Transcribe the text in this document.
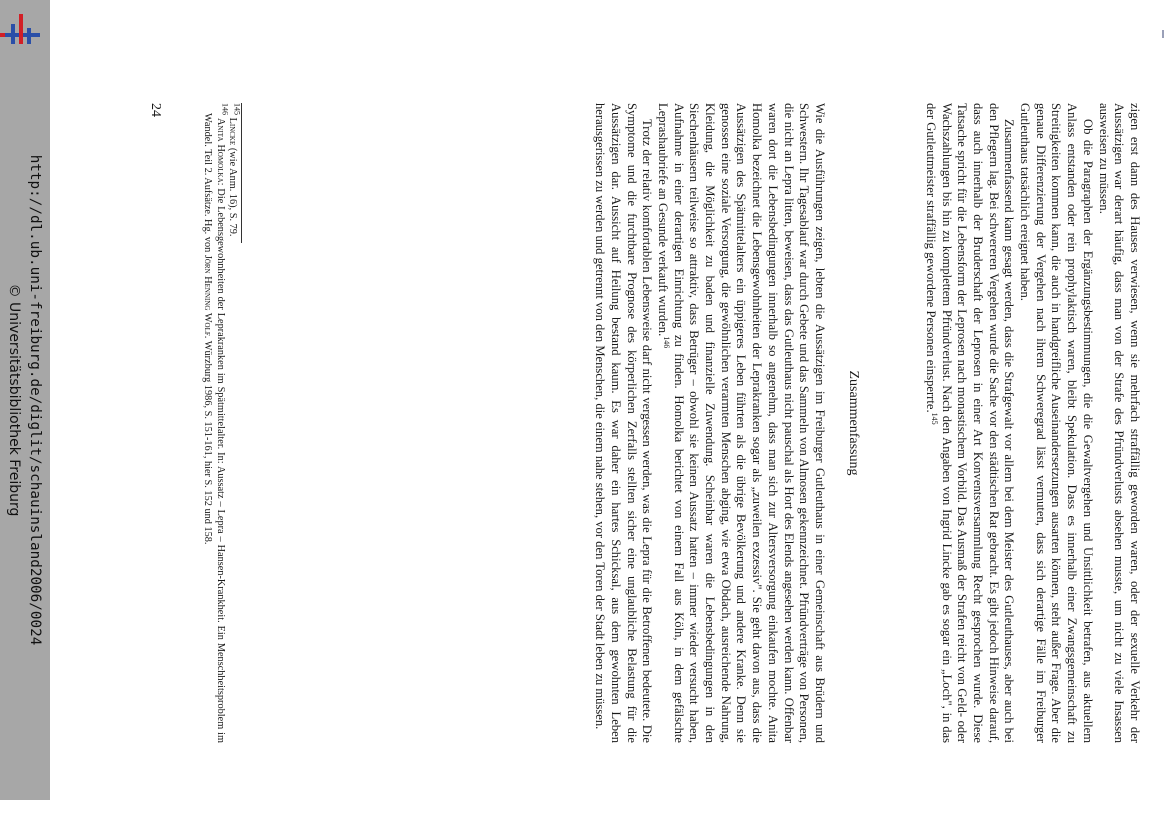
http://dl.ub.uni-freiburg.de/diglit/schauinsland2006/0024
© Universitätsbibliothek Freiburg	zigen erst dann des Hauses verwiesen, wenn sie mehrfach straffällig geworden waren, oder der sexuelle Verkehr der Aussätzigen war derart häufig, dass man von der Strafe des Pfründverlusts absehen musste, um nicht zu viele Insassen ausweisen zu müssen.

Ob die Paragraphen der Ergänzungsbestimmungen, die die Gewaltvergehen und Unsittlichkeit betrafen, aus aktuellem Anlass entstanden oder rein prophylaktisch waren, bleibt Spekulation. Dass es innerhalb einer Zwangsgemeinschaft zu Streitigkeiten kommen kann, die auch in handgreifliche Auseinandersetzungen ausarten können, steht außer Frage. Aber die genaue Differenzierung der Vergehen nach ihrem Schweregrad lässt vermuten, dass sich derartige Fälle im Freiburger Gutleuthaus tatsächlich ereignet haben.

Zusammenfassend kann gesagt werden, dass die Strafgewalt vor allem bei dem Meister des Gutleuthauses, aber auch bei den Pflegern lag. Bei schwereren Vergehen wurde die Sache vor den städtischen Rat gebracht. Es gibt jedoch Hinweise darauf, dass auch innerhalb der Bruderschaft der Leprosen in einer Art Konventsversammlung Recht gesprochen wurde. Diese Tatsache spricht für die Lebensform der Leprosen nach monastischem Vorbild. Das Ausmaß der Strafen reicht von Geld- oder Wachszahlungen bis hin zu komplettem Pfründverlust. Nach den Angaben von Ingrid Lincke gab es sogar ein „Loch", in das der Gutleutmeister straffällig gewordene Personen einsperrte.$^{145}$

Zusammenfassung

Wie die Ausführungen zeigen, lebten die Aussätzigen im Freiburger Gutleuthaus in einer Gemeinschaft aus Brüdern und Schwestern. Ihr Tagesablauf war durch Gebete und das Sammeln von Almosen gekennzeichnet. Pfründverträge von Personen, die nicht an Lepra litten, beweisen, dass das Gutleuthaus nicht pauschal als Hort des Elends angesehen werden kann. Offenbar waren dort die Lebensbedingungen innerhalb so angenehm, dass man sich zur Altersversorgung einkaufen mochte. Anita Homolka bezeichnet die Lebensgewohnheiten der Leprakranken sogar als „zuweilen exzessiv". Sie geht davon aus, dass die Aussätzigen des Spätmittelalters ein üppigeres Leben führten als die übrige Bevölkerung und andere Kranke. Denn sie genossen eine soziale Versorgung, die gewöhnlichen verarmten Menschen abging, wie etwa Obdach, ausreichende Nahrung, Kleidung, die Möglichkeit zu baden und finanzielle Zuwendung. Scheinbar waren die Lebensbedingungen in den Siechenhäusern teilweise so attraktiv, dass Betrüger – obwohl sie keinen Aussatz hatten – immer wieder versucht haben, Aufnahme in einer derartigen Einrichtung zu finden. Homolka berichtet von einem Fall aus Köln, in dem gefälschte Leprashaubriefe an Gesunde verkauft wurden.$^{146}$

Trotz der relativ komfortablen Lebensweise darf nicht vergessen werden, was die Lepra für die Betroffenen bedeutete. Die Symptome und die furchtbare Prognose des körperlichen Zerfalls stellten sicher eine unglaubliche Belastung für die Aussätzigen dar. Aussicht auf Heilung bestand kaum. Es war daher ein hartes Schicksal, aus dem gewohnten Leben herausgerissen zu werden und getrennt von den Menschen, die einem nahe stehen, vor den Toren der Stadt leben zu müssen.

$^{145}$ Lincke (wie Anm. 16), S. 79.

$^{146}$ Anita Homolka: Die Lebensgewohnheiten der Leprakranken im Spätmittelalter. In: Aussatz – Lepra – Hansen-Krankheit. Ein Menschheitsproblem im Wandel. Teil 2. Aufsätze. Hg. von Jörn Henning Wolf. Würzburg 1986, S. 151-161, hier S. 152 und 158.

24
